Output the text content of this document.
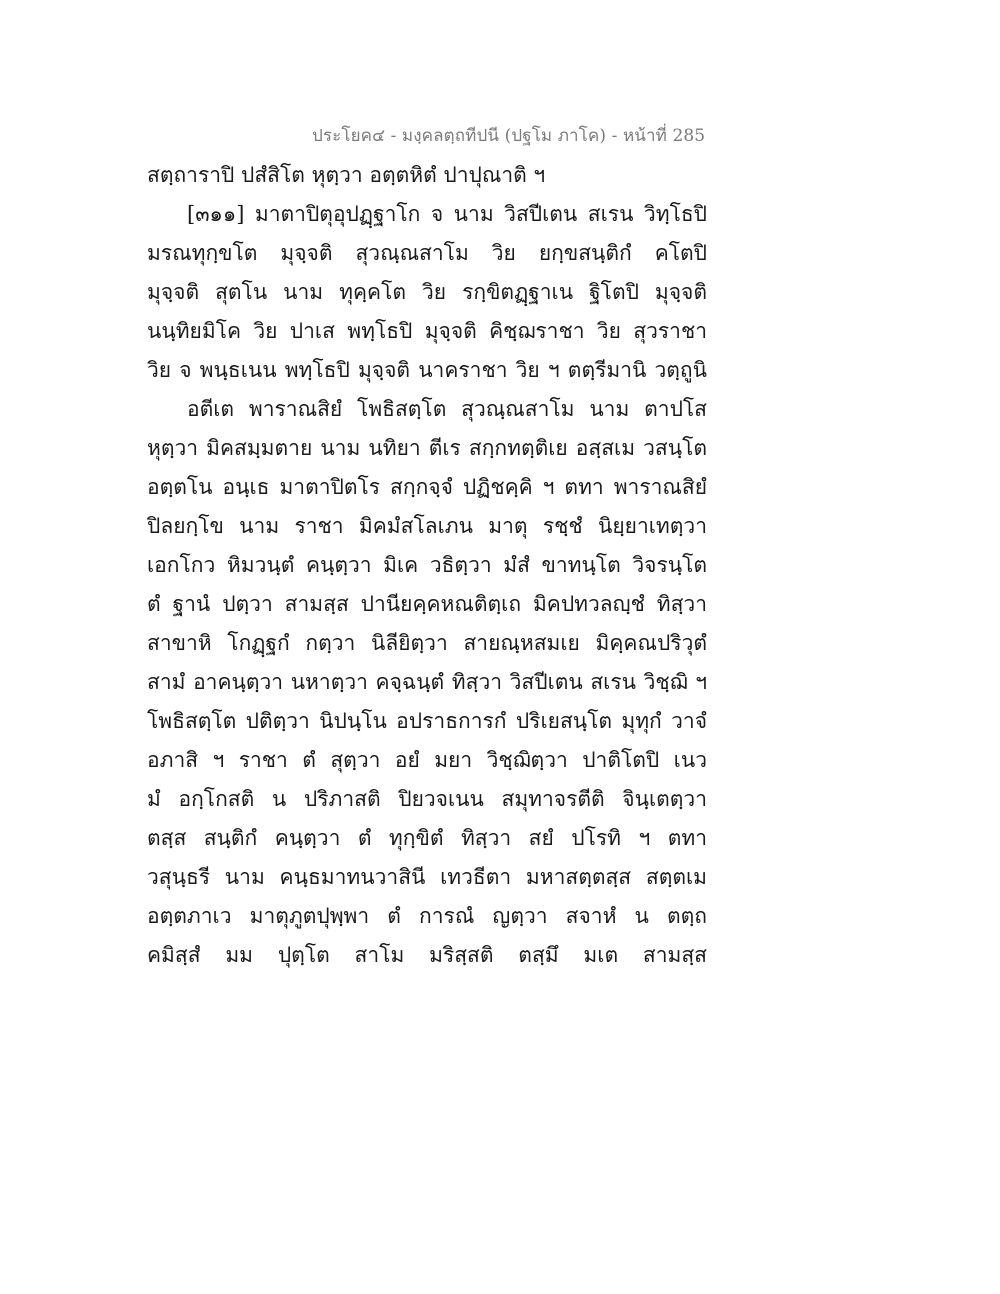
ประโยค๔ - มงฺคลตฺถทีปนี (ปฐโม ภาโค) - หน้าที่ 285
สตฺถาราปิ ปสํสิโต หุตฺวา อตฺตหิตํ ปาปุณาติ ฯ
[๓๑๑] มาตาปิตุอุปฏฺฐาโก จ นาม วิสปีเตน สเรน วิทฺโธปิ
มรณทุกฺขโต มุจฺจติ สุวณฺณสาโม วิย ยกฺขสนฺติกํ คโตปิ
มุจฺจติ สุตโน นาม ทุคฺคโต วิย รกฺขิตฏฺฐาเน ฐิโตปิ มุจฺจติ
นนฺทิยมิโค วิย ปาเส พทฺโธปิ มุจฺจติ คิชฺฌราชา วิย สุวราชา
วิย จ พนฺธเนน พทฺโธปิ มุจฺจติ นาคราชา วิย ฯ ตตฺรีมานิ วตฺถูนิ
อตีเต พาราณสิยํ โพธิสตฺโต สุวณฺณสาโม นาม ตาปโส
หุตฺวา มิคสมฺมตาย นาม นทิยา ตีเร สกฺกทตฺติเย อสฺสเม วสนฺโต
อตฺตโน อนฺเธ มาตาปิตโร สกฺกจฺจํ ปฏิชคฺคิ ฯ ตทา พาราณสิยํ
ปิลยกฺโข นาม ราชา มิคมํสโลเภน มาตุ รชฺชํ นิยฺยาเทตฺวา
เอกโกว หิมวนฺตํ คนฺตฺวา มิเค วธิตฺวา มํสํ ขาทนฺโต วิจรนฺโต
ตํ ฐานํ ปตฺวา สามสฺส ปานียคฺคหณติตฺเถ มิคปทวลญฺชํ ทิสฺวา
สาขาหิ โกฏฺฐกํ กตฺวา นิลียิตฺวา สายณฺหสมเย มิคฺคณปริวุตํ
สามํ อาคนฺตฺวา นหาตฺวา คจฺฉนฺตํ ทิสฺวา วิสปีเตน สเรน วิชฺฌิ ฯ
โพธิสตฺโต ปติตฺวา นิปนฺโน อปราธการกํ ปริเยสนฺโต มุทุกํ วาจํ
อภาสิ ฯ ราชา ตํ สุตฺวา อยํ มยา วิชฺฌิตฺวา ปาติโตปิ เนว
มํ อกฺโกสติ น ปริภาสติ ปิยวจเนน สมุทาจรตีติ จินฺเตตฺวา
ตสฺส สนฺติกํ คนฺตฺวา ตํ ทุกฺขิตํ ทิสฺวา สยํ ปโรทิ ฯ ตทา
วสุนฺธรี นาม คนฺธมาทนวาสินี เทวธีตา มหาสตฺตสฺส สตฺตเม
อตฺตภาเว มาตุภูตปุพฺพา ตํ การณํ ญตฺวา สจาหํ น ตตฺถ
คมิสฺสํ มม ปุตฺโต สาโม มริสฺสติ ตสฺมึ มเต สามสฺส
